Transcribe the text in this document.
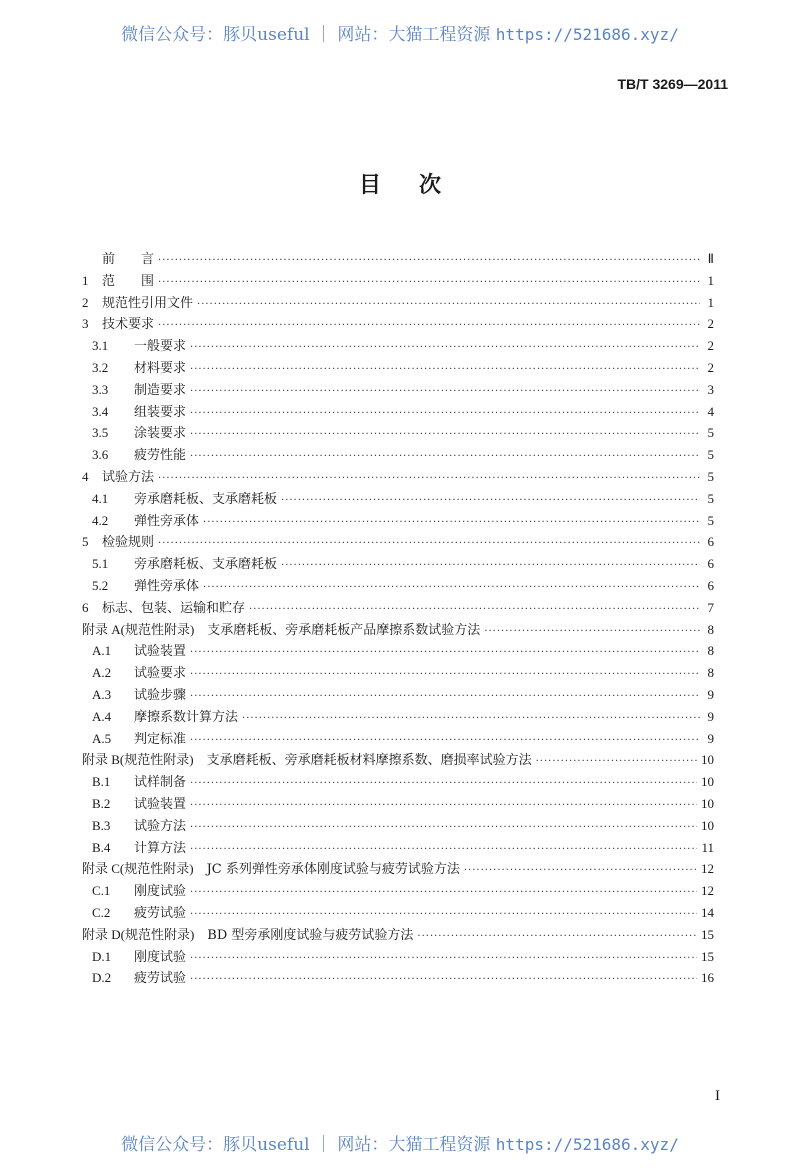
微信公众号：豚贝useful ｜ 网站：大猫工程资源 https://521686.xyz/
TB/T 3269—2011
目次
前　　言 ·····	Ⅱ
1	范　　围 ·····	1
2	规范性引用文件 ·····	1
3	技术要求 ·····	2
3.1	一般要求 ·····	2
3.2	材料要求 ·····	2
3.3	制造要求 ·····	3
3.4	组装要求 ·····	4
3.5	涂装要求 ·····	5
3.6	疲劳性能 ·····	5
4	试验方法 ·····	5
4.1	旁承磨耗板、支承磨耗板 ·····	5
4.2	弹性旁承体 ·····	5
5	检验规则 ·····	6
5.1	旁承磨耗板、支承磨耗板 ·····	6
5.2	弹性旁承体 ·····	6
6	标志、包装、运输和贮存 ·····	7
附录 A(规范性附录) 　支承磨耗板、旁承磨耗板产品摩擦系数试验方法 ·····	8
A.1	试验装置 ·····	8
A.2	试验要求 ·····	8
A.3	试验步骤 ·····	9
A.4	摩擦系数计算方法 ·····	9
A.5	判定标准 ·····	9
附录 B(规范性附录) 　支承磨耗板、旁承磨耗板材料摩擦系数、磨损率试验方法 ·····	10
B.1	试样制备 ·····	10
B.2	试验装置 ·····	10
B.3	试验方法 ·····	10
B.4	计算方法 ·····	11
附录 C(规范性附录) 　JC 系列弹性旁承体刚度试验与疲劳试验方法 ·····	12
C.1	刚度试验 ·····	12
C.2	疲劳试验 ·····	14
附录 D(规范性附录) 　BD 型旁承刚度试验与疲劳试验方法 ·····	15
D.1	刚度试验 ·····	15
D.2	疲劳试验 ·····	16
I
微信公众号：豚贝useful ｜ 网站：大猫工程资源 https://521686.xyz/
